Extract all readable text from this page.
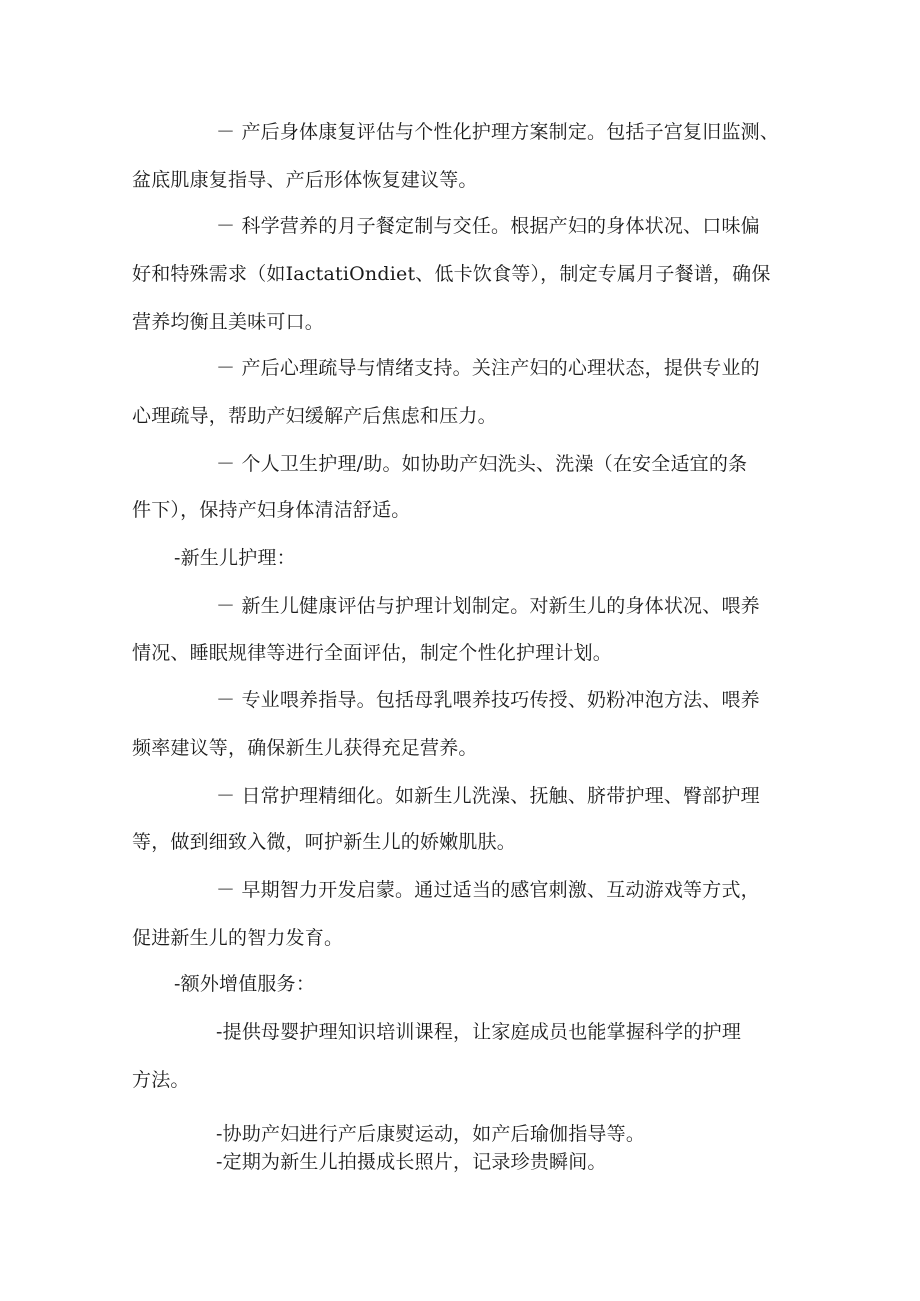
－ 产后身体康复评估与个性化护理方案制定。包括子宫复旧监测、
盆底肌康复指导、产后形体恢复建议等。
－ 科学营养的月子餐定制与交任。根据产妇的身体状况、口味偏
好和特殊需求（如IactatiOndiet、低卡饮食等），制定专属月子餐谱，确保
营养均衡且美味可口。
－ 产后心理疏导与情绪支持。关注产妇的心理状态，提供专业的
心理疏导，帮助产妇缓解产后焦虑和压力。
－ 个人卫生护理/助。如协助产妇洗头、洗澡（在安全适宜的条
件下），保持产妇身体清洁舒适。
-新生儿护理：
－ 新生儿健康评估与护理计划制定。对新生儿的身体状况、喂养
情况、睡眠规律等进行全面评估，制定个性化护理计划。
－ 专业喂养指导。包括母乳喂养技巧传授、奶粉冲泡方法、喂养
频率建议等，确保新生儿获得充足营养。
－ 日常护理精细化。如新生儿洗澡、抚触、脐带护理、臀部护理
等，做到细致入微，呵护新生儿的娇嫩肌肤。
－ 早期智力开发启蒙。通过适当的感官刺激、互动游戏等方式，
促进新生儿的智力发育。
-额外增值服务：
-提供母婴护理知识培训课程，让家庭成员也能掌握科学的护理
方法。
-协助产妇进行产后康熨运动，如产后瑜伽指导等。
-定期为新生儿拍摄成长照片，记录珍贵瞬间。
